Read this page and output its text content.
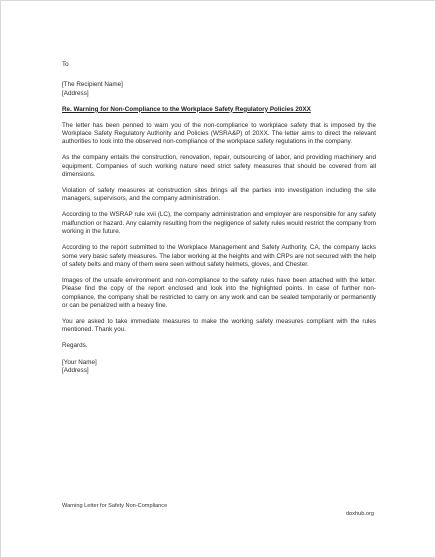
To
[The Recipient Name]
[Address]
Re. Warning for Non-Compliance to the Workplace Safety Regulatory Policies 20XX

The letter has been penned to warn you of the non-compliance to workplace safety that is imposed by the Workplace Safety Regulatory Authority and Policies (WSRA&P) of 20XX. The letter aims to direct the relevant authorities to look into the observed non-compliance of the workplace safety regulations in the company.

As the company entails the construction, renovation, repair, outsourcing of labor, and providing machinery and equipment. Companies of such working nature need strict safety measures that should be covered from all dimensions.

Violation of safety measures at construction sites brings all the parties into investigation including the site managers, supervisors, and the company administration.

According to the WSRAP rule xvii (LC), the company administration and employer are responsible for any safety malfunction or hazard. Any calamity resulting from the negligence of safety rules would restrict the company from working in the future.

According to the report submitted to the Workplace Management and Safety Authority, CA, the company lacks some very basic safety measures. The labor working at the heights and with CRPs are not secured with the help of safety belts and many of them were seen without safety helmets, gloves, and Chester.

Images of the unsafe environment and non-compliance to the safety rules have been attached with the letter. Please find the copy of the report enclosed and look into the highlighted points. In case of further non-compliance, the company shall be restricted to carry on any work and can be sealed temporarily or permanently or can be penalized with a heavy fine.

You are asked to take immediate measures to make the working safety measures compliant with the rules mentioned. Thank you.

Regards.
[Your Name]
[Address]
Warning Letter for Safety Non-Compliance
doxhub.org
